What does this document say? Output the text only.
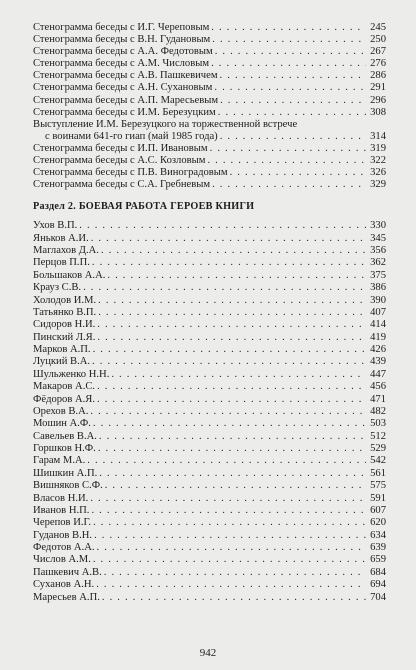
Стенограмма беседы с И.Г. Череповым . . .	245
Стенограмма беседы с В.Н. Гудановым . . .	250
Стенограмма беседы с А.А. Федотовым . . .	267
Стенограмма беседы с А.М. Числовым . . .	276
Стенограмма беседы с А.В. Пашкевичем . . .	286
Стенограмма беседы с А.Н. Сухановым . . .	291
Стенограмма беседы с А.П. Маресьевым . . .	296
Стенограмма беседы с И.М. Березуцким . . .	308
Выступление И.М. Березуцкого на торжественной встрече
с воинами 641-го гиап (май 1985 года) . . .	314
Стенограмма беседы с И.П. Ивановым . . .	319
Стенограмма беседы с А.С. Козловым . . .	322
Стенограмма беседы с П.В. Виноградовым . . .	326
Стенограмма беседы с С.А. Гребневым . . .	329
Раздел 2. БОЕВАЯ РАБОТА ГЕРОЕВ КНИГИ
Ухов В.П. . . .	330
Яньков А.И. . . .	345
Маглахов Д.А. . . .	356
Перцов П.П. . . .	362
Большаков А.А. . . .	375
Крауз С.В. . . .	386
Холодов И.М. . . .	390
Татьянко В.П. . . .	407
Сидоров Н.И. . . .	414
Пинский Л.Я. . . .	419
Марков А.П. . . .	426
Луцкий В.А. . . .	439
Шульженко Н.Н. . . .	447
Макаров А.С. . . .	456
Фёдоров А.Я. . . .	471
Орехов В.А. . . .	482
Мошин А.Ф. . . .	503
Савельев В.А. . . .	512
Горшков Н.Ф. . . .	529
Гарам М.А. . . .	542
Шишкин А.П. . . .	561
Вишняков С.Ф. . . .	575
Власов Н.И. . . .	591
Иванов Н.П. . . .	607
Черепов И.Г. . . .	620
Гуданов В.Н. . . .	634
Федотов А.А. . . .	639
Числов А.М. . . .	659
Пашкевич А.В. . . .	684
Суханов А.Н. . . .	694
Маресьев А.П. . . .	704
942
